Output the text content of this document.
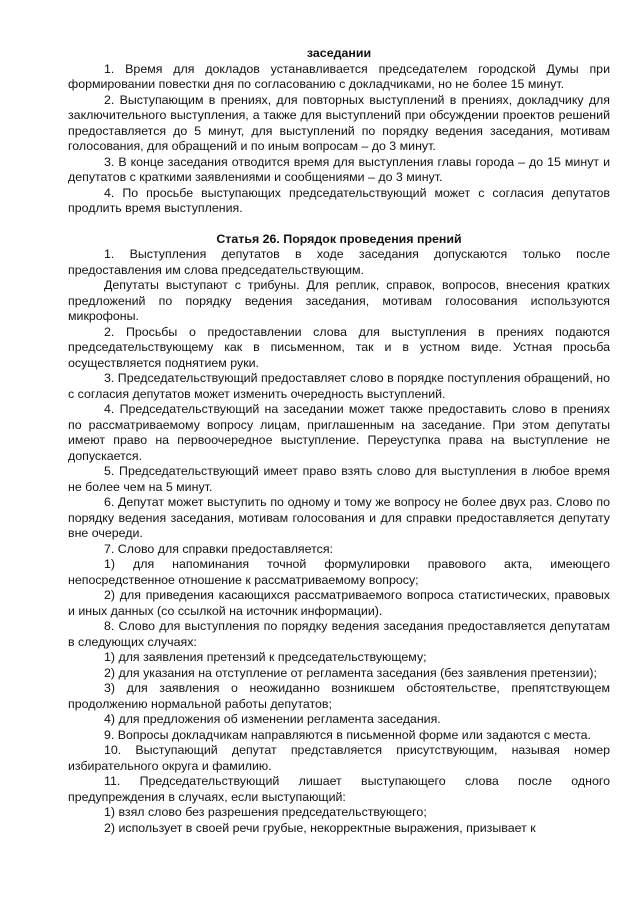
заседании

1. Время для докладов устанавливается председателем городской Думы при формировании повестки дня по согласованию с докладчиками, но не более 15 минут.

2. Выступающим в прениях, для повторных выступлений в прениях, докладчику для заключительного выступления, а также для выступлений при обсуждении проектов решений предоставляется до 5 минут, для выступлений по порядку ведения заседания, мотивам голосования, для обращений и по иным вопросам – до 3 минут.

3. В конце заседания отводится время для выступления главы города – до 15 минут и депутатов с краткими заявлениями и сообщениями – до 3 минут.

4. По просьбе выступающих председательствующий может с согласия депутатов продлить время выступления.

Статья 26. Порядок проведения прений

1. Выступления депутатов в ходе заседания допускаются только после предоставления им слова председательствующим.

Депутаты выступают с трибуны. Для реплик, справок, вопросов, внесения кратких предложений по порядку ведения заседания, мотивам голосования используются микрофоны.

2. Просьбы о предоставлении слова для выступления в прениях подаются председательствующему как в письменном, так и в устном виде. Устная просьба осуществляется поднятием руки.

3. Председательствующий предоставляет слово в порядке поступления обращений, но с согласия депутатов может изменить очередность выступлений.

4. Председательствующий на заседании может также предоставить слово в прениях по рассматриваемому вопросу лицам, приглашенным на заседание. При этом депутаты имеют право на первоочередное выступление. Переуступка права на выступление не допускается.

5. Председательствующий имеет право взять слово для выступления в любое время не более чем на 5 минут.

6. Депутат может выступить по одному и тому же вопросу не более двух раз. Слово по порядку ведения заседания, мотивам голосования и для справки предоставляется депутату вне очереди.

7. Слово для справки предоставляется:

1) для напоминания точной формулировки правового акта, имеющего непосредственное отношение к рассматриваемому вопросу;

2) для приведения касающихся рассматриваемого вопроса статистических, правовых и иных данных (со ссылкой на источник информации).

8. Слово для выступления по порядку ведения заседания предоставляется депутатам в следующих случаях:

1) для заявления претензий к председательствующему;

2) для указания на отступление от регламента заседания (без заявления претензии);

3) для заявления о неожиданно возникшем обстоятельстве, препятствующем продолжению нормальной работы депутатов;

4) для предложения об изменении регламента заседания.

9. Вопросы докладчикам направляются в письменной форме или задаются с места.

10. Выступающий депутат представляется присутствующим, называя номер избирательного округа и фамилию.

11. Председательствующий лишает выступающего слова после одного предупреждения в случаях, если выступающий:

1) взял слово без разрешения председательствующего;

2) использует в своей речи грубые, некорректные выражения, призывает к
